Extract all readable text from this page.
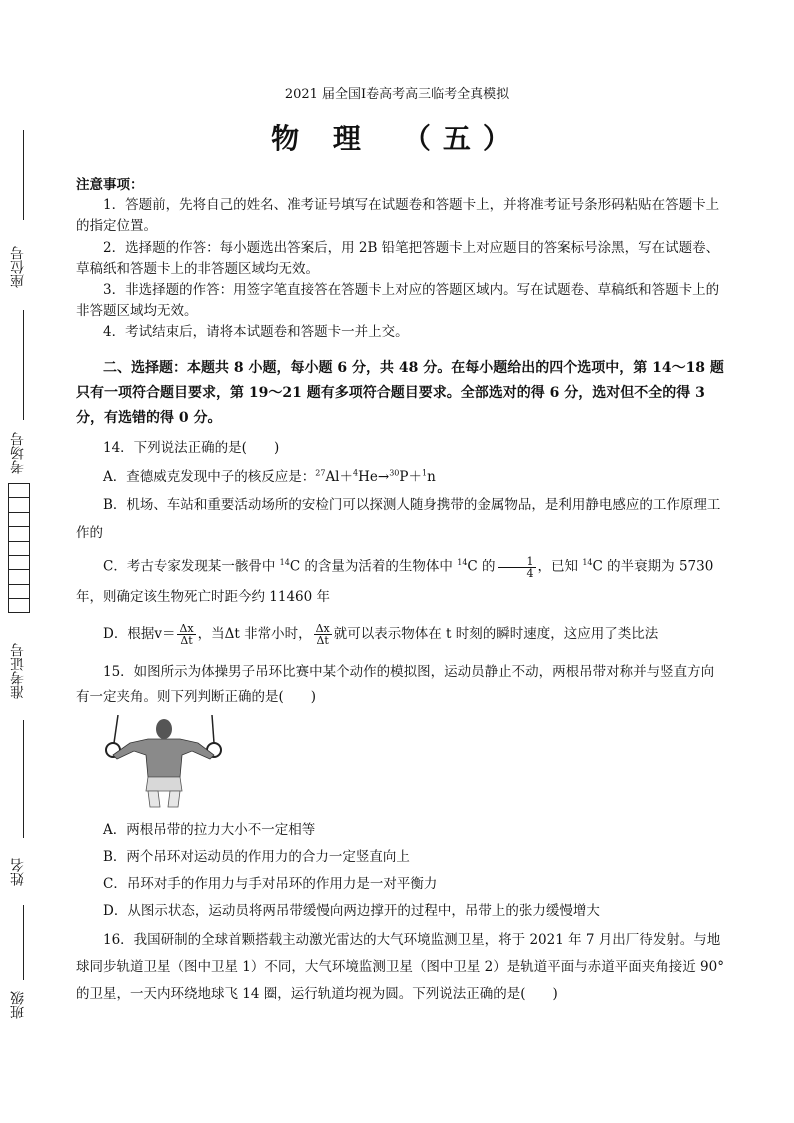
座位号
考场号
准考证号
姓名
班级
2021 届全国Ⅰ卷高考高三临考全真模拟
物 理 （五）
注意事项：
1．答题前，先将自己的姓名、准考证号填写在试题卷和答题卡上，并将准考证号条形码粘贴在答题卡上的指定位置。
2．选择题的作答：每小题选出答案后，用 2B 铅笔把答题卡上对应题目的答案标号涂黑，写在试题卷、草稿纸和答题卡上的非答题区域均无效。
3．非选择题的作答：用签字笔直接答在答题卡上对应的答题区域内。写在试题卷、草稿纸和答题卡上的非答题区域均无效。
4．考试结束后，请将本试题卷和答题卡一并上交。
二、选择题：本题共 8 小题，每小题 6 分，共 48 分。在每小题给出的四个选项中，第 14～18 题只有一项符合题目要求，第 19～21 题有多项符合题目要求。全部选对的得 6 分，选对但不全的得 3 分，有选错的得 0 分。
14．下列说法正确的是(　　)
A．查德威克发现中子的核反应是：$^{27}$Al＋$^4$He→$^{30}$P＋$^1$n
B．机场、车站和重要活动场所的安检门可以探测人随身携带的金属物品，是利用静电感应的工作原理工作的
C．考古专家发现某一骸骨中 $^{14}$C 的含量为活着的生物体中 $^{14}$C 的 $\frac{1}{4}$ ，已知 $^{14}$C 的半衰期为 5730 年，则确定该生物死亡时距今约 11460 年
D．根据$v= \frac{\Delta x}{\Delta t}$ ，当Δt 非常小时， $\frac{\Delta x}{\Delta t}$ 就可以表示物体在 t 时刻的瞬时速度，这应用了类比法
15．如图所示为体操男子吊环比赛中某个动作的模拟图，运动员静止不动，两根吊带对称并与竖直方向有一定夹角。则下列判断正确的是(　　)
A．两根吊带的拉力大小不一定相等
B．两个吊环对运动员的作用力的合力一定竖直向上
C．吊环对手的作用力与手对吊环的作用力是一对平衡力
D．从图示状态，运动员将两吊带缓慢向两边撑开的过程中，吊带上的张力缓慢增大
16．我国研制的全球首颗搭载主动激光雷达的大气环境监测卫星，将于 2021 年 7 月出厂待发射。与地球同步轨道卫星（图中卫星 1）不同，大气环境监测卫星（图中卫星 2）是轨道平面与赤道平面夹角接近 90°的卫星，一天内环绕地球飞 14 圈，运行轨道均视为圆。下列说法正确的是(　　)
